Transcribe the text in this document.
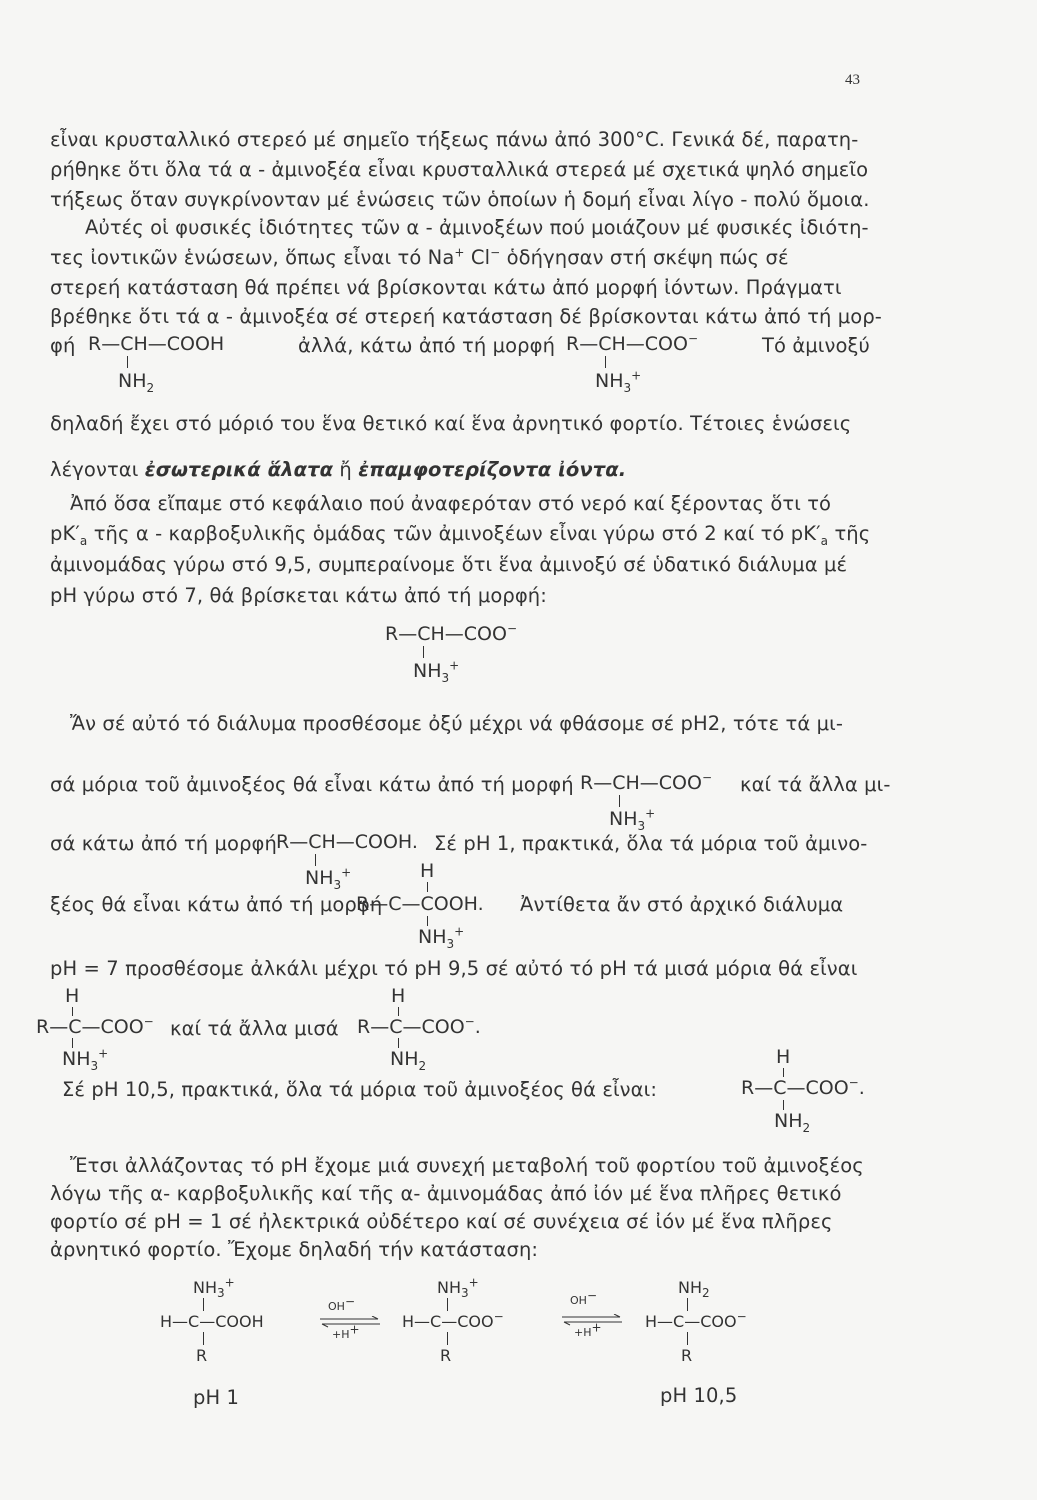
43
εἶναι κρυσταλλικό στερεό μέ σημεῖο τήξεως πάνω ἀπό 300°C. Γενικά δέ, παρατη-
ρήθηκε ὅτι ὅλα τά α - ἀμινοξέα εἶναι κρυσταλλικά στερεά μέ σχετικά ψηλό σημεῖο
τήξεως ὅταν συγκρίνονταν μέ ἑνώσεις τῶν ὁποίων ἡ δομή εἶναι λίγο - πολύ ὅμοια.
Αὐτές οἱ φυσικές ἰδιότητες τῶν α - ἀμινοξέων πού μοιάζουν μέ φυσικές ἰδιότη-
τες ἰοντικῶν ἑνώσεων, ὅπως εἶναι τό Na+ Cl− ὁδήγησαν στή σκέψη πώς σέ
στερεή κατάσταση θά πρέπει νά βρίσκονται κάτω ἀπό μορφή ἰόντων. Πράγματι
βρέθηκε ὅτι τά α - ἀμινοξέα σέ στερεή κατάσταση δέ βρίσκονται κάτω ἀπό τή μορ-
φή R—CH—COOH
$NH_2$
ἀλλά, κάτω ἀπό τή μορφή R—CH—COO−
$NH_3^+$
Τό ἀμινοξύ
δηλαδή ἔχει στό μόριό του ἕνα θετικό καί ἕνα ἀρνητικό φορτίο. Τέτοιες ἑνώσεις
λέγονται ἐσωτερικά ἅλατα ἤ ἐπαμφοτερίζοντα ἰόντα.
Ἀπό ὅσα εἴπαμε στό κεφάλαιο πού ἀναφερόταν στό νερό καί ξέροντας ὅτι τό
$pK'_a$ τῆς α - καρβοξυλικῆς ὁμάδας τῶν ἀμινοξέων εἶναι γύρω στό 2 καί τό $pK'_a$ τῆς
ἀμινομάδας γύρω στό 9,5, συμπεραίνομε ὅτι ἕνα ἀμινοξύ σέ ὑδατικό διάλυμα μέ
pH γύρω στό 7, θά βρίσκεται κάτω ἀπό τή μορφή:
R—CH—COO−
$NH_3^+$
Ἄν σέ αὐτό τό διάλυμα προσθέσομε ὀξύ μέχρι νά φθάσομε σέ pH2, τότε τά μι-
σά μόρια τοῦ ἀμινοξέος θά εἶναι κάτω ἀπό τή μορφή R—CH—COO−
$NH_3^+$
καί τά ἄλλα μι-
σά κάτω ἀπό τή μορφή R—CH—COOH.
$NH_3^+$
Σέ pH 1, πρακτικά, ὅλα τά μόρια τοῦ ἀμινο-
H
ξέος θά εἶναι κάτω ἀπό τή μορφή
R—C—COOH.
$NH_3^+$
Ἀντίθετα ἄν στό ἀρχικό διάλυμα
pH = 7 προσθέσομε ἀλκάλι μέχρι τό pH 9,5 σέ αὐτό τό pH τά μισά μόρια θά εἶναι
H	H
R—C—COO− καί τά ἄλλα μισά R—C—COO−.
$NH_3^+$	$NH_2$	H
Σέ pH 10,5, πρακτικά, ὅλα τά μόρια τοῦ ἀμινοξέος θά εἶναι:	R—C—COO−.
$NH_2$
Ἔτσι ἀλλάζοντας τό pH ἔχομε μιά συνεχή μεταβολή τοῦ φορτίου τοῦ ἀμινοξέος
λόγω τῆς α- καρβοξυλικῆς καί τῆς α- ἀμινομάδας ἀπό ἰόν μέ ἕνα πλῆρες θετικό
φορτίο σέ pH = 1 σέ ἠλεκτρικά οὐδέτερο καί σέ συνέχεια σέ ἰόν μέ ἕνα πλῆρες
ἀρνητικό φορτίο. Ἔχομε δηλαδή τήν κατάσταση:
$NH_3^+$
H—C—COOH
R
OH−
+H+
$NH_3^+$
H—C—COO−
R
OH−
+H+
$NH_2$
H—C—COO−
R
pH 1	pH 10,5
